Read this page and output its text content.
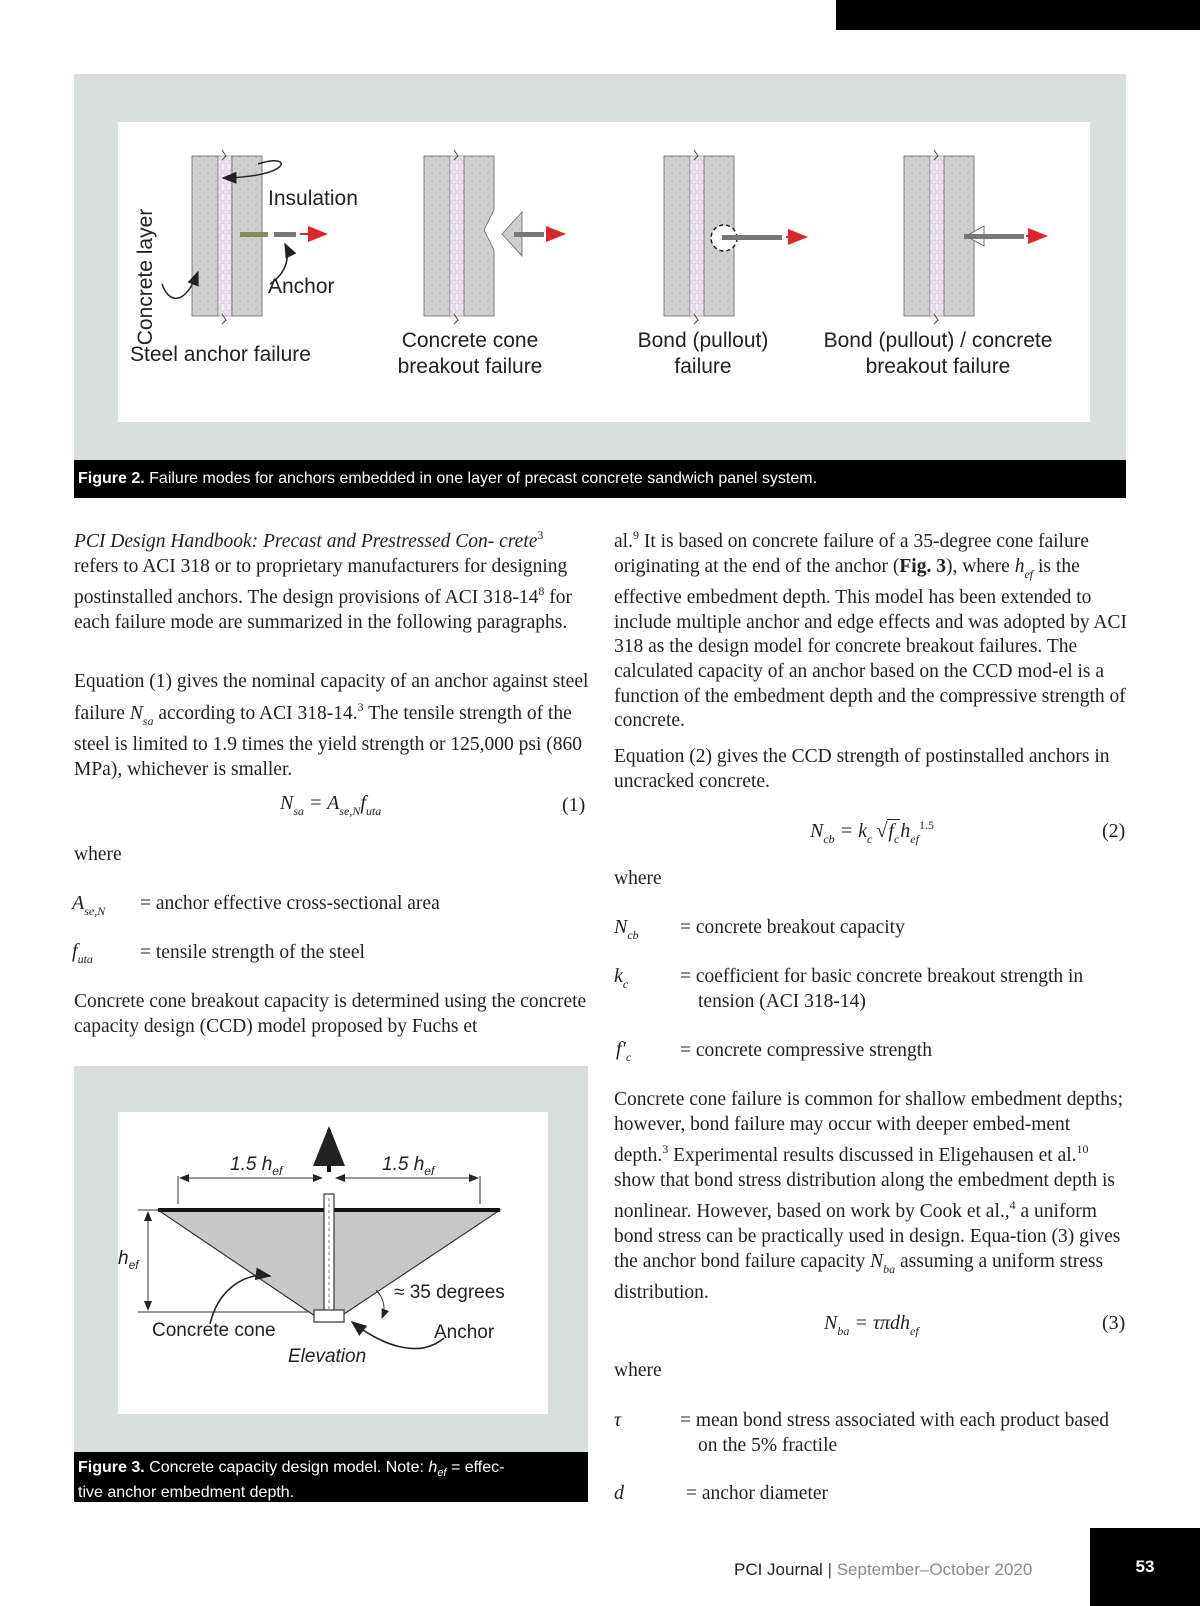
Concrete layer
Insulation
Anchor
Steel anchor failure
Concrete cone
breakout failure
Bond (pullout)
failure
Bond (pullout) / concrete
breakout failure
Figure 2. Failure modes for anchors embedded in one layer of precast concrete sandwich panel system.
PCI Design Handbook: Precast and Prestressed Con- crete$^3$ refers to ACI 318 or to proprietary manufacturers for designing postinstalled anchors. The design provisions of ACI $318-14^8$ for each failure mode are summarized in the following paragraphs.
Equation (1) gives the nominal capacity of an anchor against steel failure $N_{sa}$ according to ACI 318-14.$^3$ The tensile strength of the steel is limited to 1.9 times the yield strength or 125,000 psi (860 MPa), whichever is smaller.
$N_{sa} = A_{se,N}f_{uta}$	(1)
where
$A_{se,N}$ = anchor effective cross-sectional area
$f_{uta}$ = tensile strength of the steel
Concrete cone breakout capacity is determined using the concrete capacity design (CCD) model proposed by Fuchs et
1.5 $h_{ef}$	1.5 $h_{ef}$
$h_{ef}$
≈ 35 degrees
Concrete cone	Anchor
Elevation
Figure 3. Concrete capacity design model. Note: $h_{ef}$ = effec-
tive anchor embedment depth.
al.$^9$ It is based on concrete failure of a 35-degree cone failure originating at the end of the anchor (Fig. 3), where $h_{ef}$ is the effective embedment depth. This model has been extended to include multiple anchor and edge effects and was adopted by ACI 318 as the design model for concrete breakout failures. The calculated capacity of an anchor based on the CCD mod-el is a function of the embedment depth and the compressive strength of concrete.
Equation (2) gives the CCD strength of postinstalled anchors in uncracked concrete.
$N_{cb} = k_c$  $√f_ch_{ef}^{1.5}$	(2)
where
$N_{cb}$ = concrete breakout capacity
$k_c$	= coefficient for basic concrete breakout strength in tension (ACI 318-14)
$f'_c$ = concrete compressive strength
Concrete cone failure is common for shallow embedment depths; however, bond failure may occur with deeper embed-ment depth.$^3$ Experimental results discussed in Eligehausen et al.$^{10}$ show that bond stress distribution along the embedment depth is nonlinear. However, based on work by Cook et al.,$^4$ a uniform bond stress can be practically used in design. Equa-tion (3) gives the anchor bond failure capacity $N_{ba}$ assuming a uniform stress distribution.
$N_{ba} = \tau\pi dh_{ef}$	(3)
where
τ	= mean bond stress associated with each product based on the 5% fractile
d	= anchor diameter
PCI Journal | September–October 2020	53
